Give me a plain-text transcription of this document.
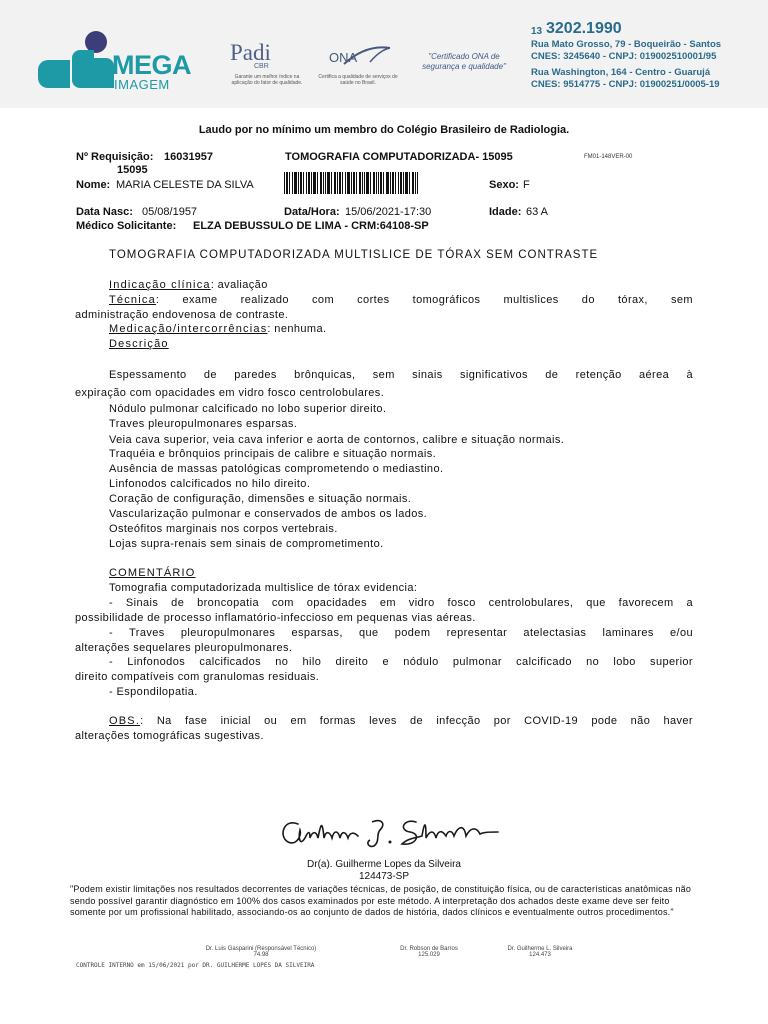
MEGA
IMAGEM
Padi
CBR
Garante um melhor índice na aplicação do fator de qualidade.
ONA
Certifica a qualidade de serviços de saúde no Brasil.
"Certificado ONA de segurança e qualidade"
13 3202.1990
Rua Mato Grosso, 79 - Boqueirão - Santos
CNES: 3245640 - CNPJ: 019002510001/95
Rua Washington, 164 - Centro - Guarujá
CNES: 9514775 - CNPJ: 01900251/0005-19
Laudo por no mínimo um membro do Colégio Brasileiro de Radiologia.
Nº Requisição: 16031957
15095
TOMOGRAFIA COMPUTADORIZADA- 15095	FM01-148VER-00
Nome: MARIA CELESTE DA SILVA	Sexo: F
Data Nasc: 05/08/1957	Data/Hora: 15/06/2021-17:30	Idade: 63 A
Médico Solicitante: ELZA DEBUSSULO DE LIMA - CRM:64108-SP
TOMOGRAFIA COMPUTADORIZADA MULTISLICE DE TÓRAX SEM CONTRASTE
Indicação clínica: avaliação
Técnica: exame realizado com cortes tomográficos multislices do tórax, sem
administração endovenosa de contraste.
Medicação/intercorrências: nenhuma.
Descrição
Espessamento de paredes brônquicas, sem sinais significativos de retenção aérea à
expiração com opacidades em vidro fosco centrolobulares.
Nódulo pulmonar calcificado no lobo superior direito.
Traves pleuropulmonares esparsas.
Veia cava superior, veia cava inferior e aorta de contornos, calibre e situação normais.
Traquéia e brônquios principais de calibre e situação normais.
Ausência de massas patológicas comprometendo o mediastino.
Linfonodos calcificados no hilo direito.
Coração de configuração, dimensões e situação normais.
Vascularização pulmonar e conservados de ambos os lados.
Osteófitos marginais nos corpos vertebrais.
Lojas supra-renais sem sinais de comprometimento.
COMENTÁRIO
Tomografia computadorizada multislice de tórax evidencia:
- Sinais de broncopatia com opacidades em vidro fosco centrolobulares, que favorecem a
possibilidade de processo inflamatório-infeccioso em pequenas vias aéreas.
- Traves pleuropulmonares esparsas, que podem representar atelectasias laminares e/ou
alterações sequelares pleuropulmonares.
- Linfonodos calcificados no hilo direito e nódulo pulmonar calcificado no lobo superior
direito compatíveis com granulomas residuais.
- Espondilopatia.
OBS.: Na fase inicial ou em formas leves de infecção por COVID-19 pode não haver
alterações tomográficas sugestivas.
Dr(a). Guilherme Lopes da Silveira
124473-SP
"Podem existir limitações nos resultados decorrentes de variações técnicas, de posição, de constituição física, ou de características anatômicas não sendo possível garantir diagnóstico em 100% dos casos examinados por este método. A interpretação dos achados deste exame deve ser feito somente por um profissional habilitado, associando-os ao conjunto de dados de história, dados clínicos e eventualmente outros procedimentos."
Dr. Luis Gasparini (Responsável Técnico)
74.98
Dr. Robson de Barros
125.029
Dr. Guilherme L. Silveira
124.473
CONTROLE INTERNO em 15/06/2021 por DR. GUILHERME LOPES DA SILVEIRA
